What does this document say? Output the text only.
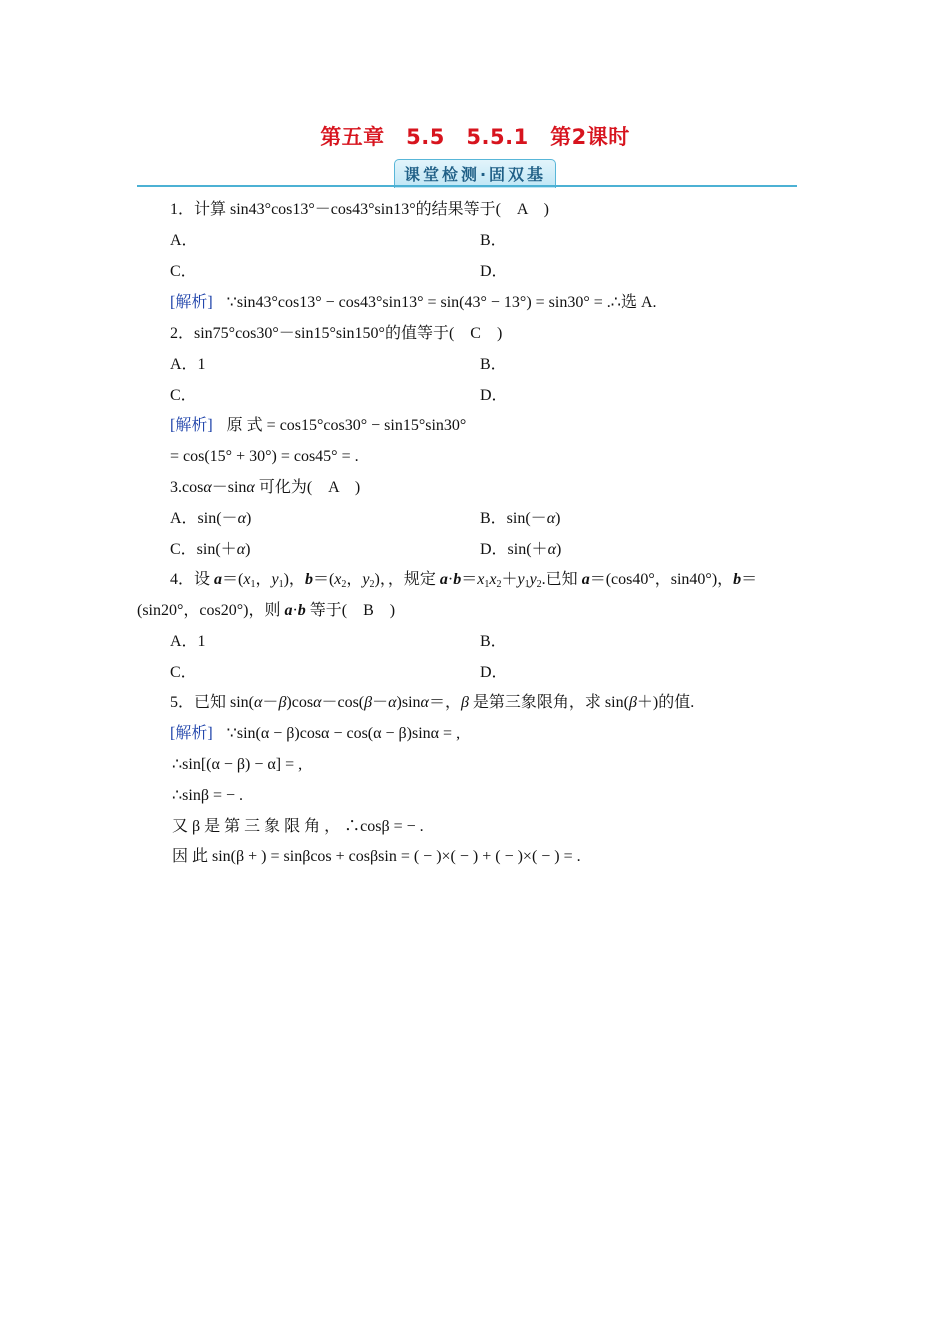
第五章　5.5　5.5.1　第2课时
课堂检测·固双基
1．计算 sin43°cos13°－cos43°sin13°的结果等于(　A　)
A．	B．
C．	D．
[解析] ∵sin43°cos13° − cos43°sin13° = sin(43° − 13°) = sin30° = .∴选 A.
2．sin75°cos30°－sin15°sin150°的值等于(　C　)
A．1	B．
C．	D．
[解析] 原 式 = cos15°cos30° − sin15°sin30°
= cos(15° + 30°) = cos45° = .
3.cosα－sinα 可化为(　A　)
A．sin(－α)	B．sin(－α)
C．sin(＋α)	D．sin(＋α)
4．设 $a=(x_1$，$y_1$)，$b=(x_2$，$y_2$)，，规定 $a\cdot b=x_1x_2+y_1y_2$.已知 a＝(cos40°，sin40°)，b＝
(sin20°，cos20°)，则 a·b 等于(　B　)
A．1	B．
C．	D．
5．已知 sin(α－β)cosα－cos(β－α)sinα＝，β 是第三象限角，求 sin(β＋)的值.
[解析] ∵sin(α − β)cosα − cos(α − β)sinα = ,
∴sin[(α − β) − α] = ,
∴sinβ = − .
又 β 是 第 三 象 限 角 ， ∴cosβ = − .
因 此 sin(β + ) = sinβcos + cosβsin = ( − )×( − ) + ( − )×( − ) = .
